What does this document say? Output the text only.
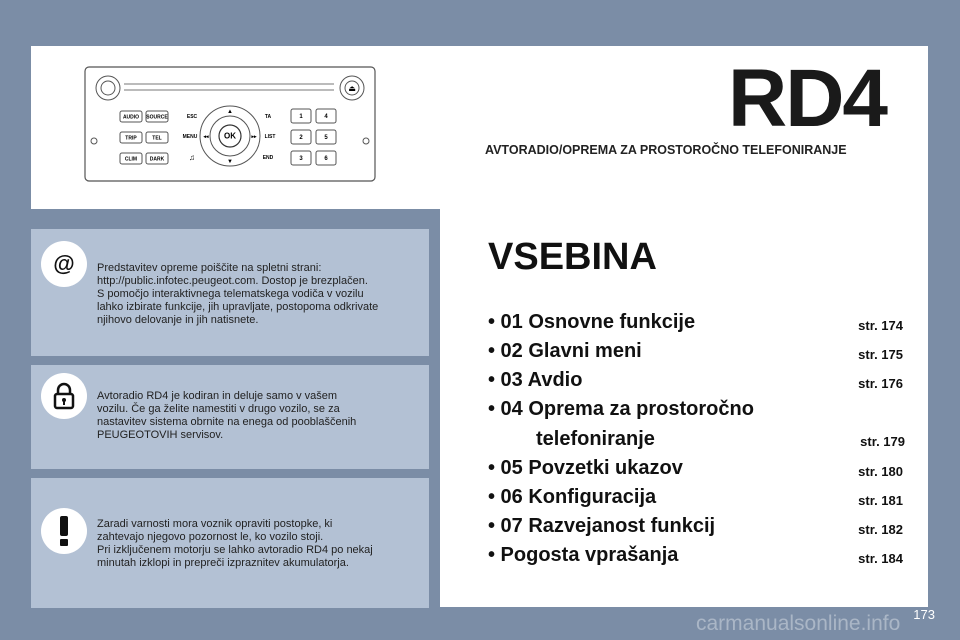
⏏
AUDIO SOURCE
TRIP	TEL
CLIM	DARK
OK
▲
▼
◂◂	▸▸
ESC	TA
MENU	LIST
♫	END
1	4
2	5
3	6
RD4
AVTORADIO/OPREMA ZA PROSTOROČNO TELEFONIRANJE
@ Predstavitev opreme poiščite na spletni strani:
http://public.infotec.peugeot.com. Dostop je brezplačen.
S pomočjo interaktivnega telematskega vodiča v vozilu
lahko izbirate funkcije, jih upravljate, postopoma odkrivate
njihovo delovanje in jih natisnete.
Avtoradio RD4 je kodiran in deluje samo v vašem
vozilu. Če ga želite namestiti v drugo vozilo, se za
nastavitev sistema obrnite na enega od pooblaščenih
PEUGEOTOVIH servisov.
Zaradi varnosti mora voznik opraviti postopke, ki
zahtevajo njegovo pozornost le, ko vozilo stoji.
Pri izključenem motorju se lahko avtoradio RD4 po nekaj
minutah izklopi in prepreči izpraznitev akumulatorja.
VSEBINA
• 01 Osnovne funkcije	str. 174
• 02 Glavni meni	str. 175
• 03 Avdio	str. 176
• 04 Oprema za prostoročno
telefoniranje	str. 179
• 05 Povzetki ukazov	str. 180
• 06 Konfiguracija	str. 181
• 07 Razvejanost funkcij	str. 182
• Pogosta vprašanja	str. 184
173
carmanualsonline.info
